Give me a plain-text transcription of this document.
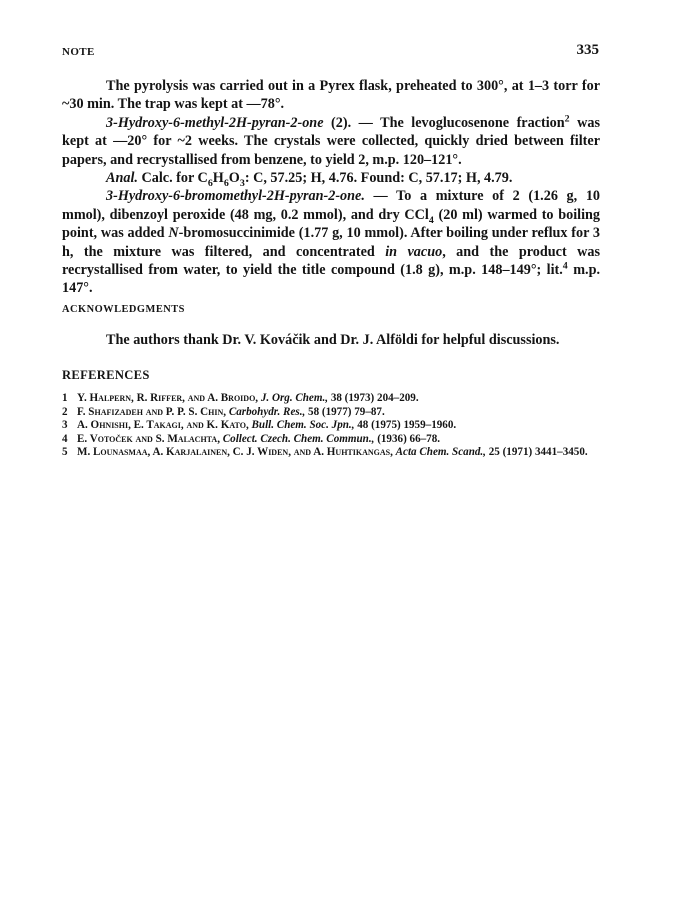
NOTE	335

The pyrolysis was carried out in a Pyrex flask, preheated to 300°, at 1–3 torr for ~30 min. The trap was kept at —78°.

3-Hydroxy-6-methyl-2H-pyran-2-one (2). — The levoglucosenone fraction$^2$ was kept at —20° for ~2 weeks. The crystals were collected, quickly dried between filter papers, and recrystallised from benzene, to yield 2, m.p. 120–121°.

Anal. Calc. for $C_6H_6O_3$: C, 57.25; H, 4.76. Found: C, 57.17; H, 4.79.

3-Hydroxy-6-bromomethyl-2H-pyran-2-one. — To a mixture of 2 (1.26 g, 10 mmol), dibenzoyl peroxide (48 mg, 0.2 mmol), and dry CCl$_4$ (20 ml) warmed to boiling point, was added N-bromosuccinimide (1.77 g, 10 mmol). After boiling under reflux for 3 h, the mixture was filtered, and concentrated in vacuo, and the product was recrystallised from water, to yield the title compound (1.8 g), m.p. 148–149°; lit.$^4$ m.p. 147°.

ACKNOWLEDGMENTS
The authors thank Dr. V. Kováčik and Dr. J. Alföldi for helpful discussions.
REFERENCES
1 Y. Halpern, R. Riffer, and A. Broido, J. Org. Chem., 38 (1973) 204–209.
2 F. Shafizadeh and P. P. S. Chin, Carbohydr. Res., 58 (1977) 79–87.
3 A. Ohnishi, E. Takagi, and K. Kato, Bull. Chem. Soc. Jpn., 48 (1975) 1959–1960.
4 E. Votoček and S. Malachta, Collect. Czech. Chem. Commun., (1936) 66–78.
5 M. Lounasmaa, A. Karjalainen, C. J. Widen, and A. Huhtikangas, Acta Chem. Scand., 25 (1971) 3441–3450.
